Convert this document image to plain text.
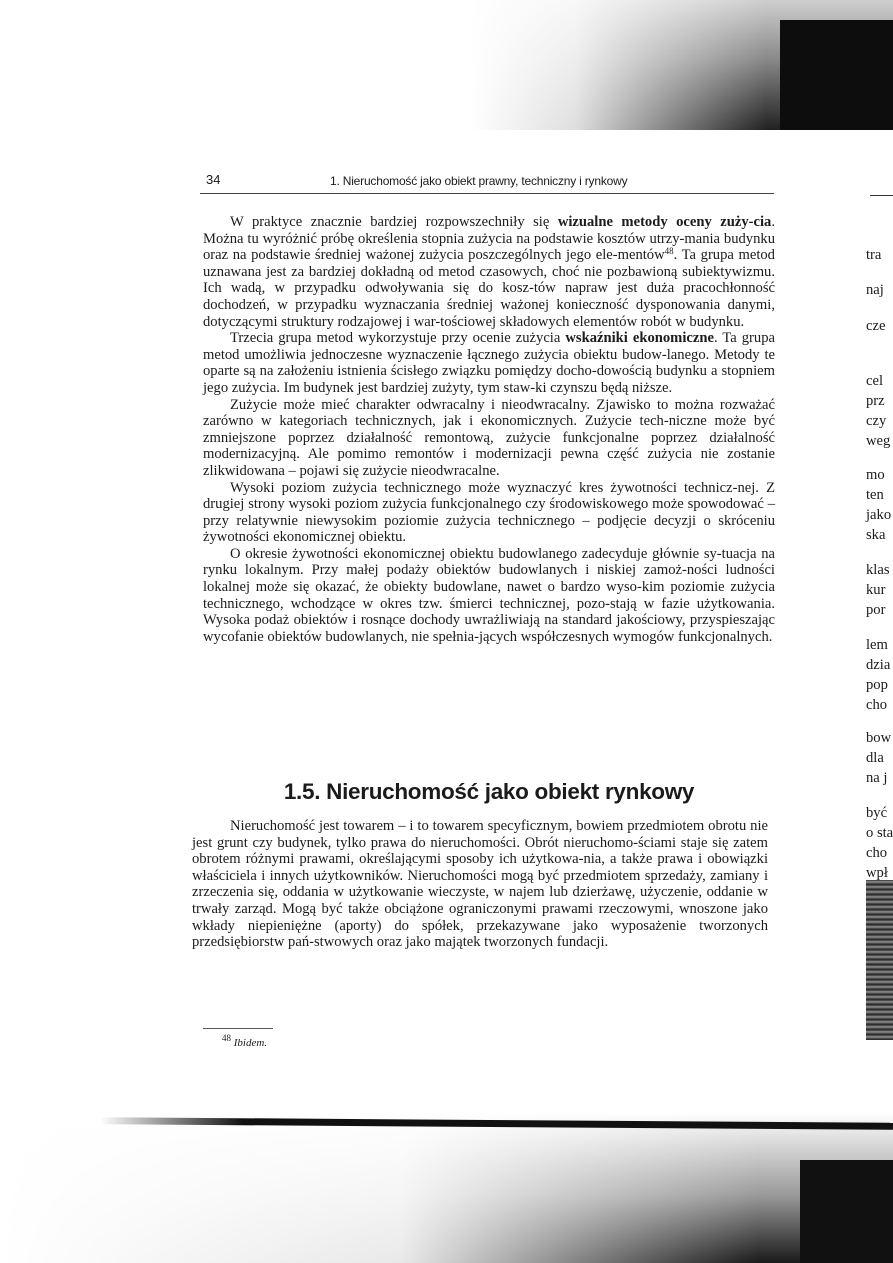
34	1. Nieruchomość jako obiekt prawny, techniczny i rynkowy

W praktyce znacznie bardziej rozpowszechniły się wizualne metody oceny zuży-cia. Można tu wyróżnić próbę określenia stopnia zużycia na podstawie kosztów utrzy-mania budynku oraz na podstawie średniej ważonej zużycia poszczególnych jego ele-mentów$^{48}$. Ta grupa metod uznawana jest za bardziej dokładną od metod czasowych, choć nie pozbawioną subiektywizmu. Ich wadą, w przypadku odwoływania się do kosz-tów napraw jest duża pracochłonność dochodzeń, w przypadku wyznaczania średniej ważonej konieczność dysponowania danymi, dotyczącymi struktury rodzajowej i war-tościowej składowych elementów robót w budynku.

Trzecia grupa metod wykorzystuje przy ocenie zużycia wskaźniki ekonomiczne. Ta grupa metod umożliwia jednoczesne wyznaczenie łącznego zużycia obiektu budow-lanego. Metody te oparte są na założeniu istnienia ścisłego związku pomiędzy docho-dowością budynku a stopniem jego zużycia. Im budynek jest bardziej zużyty, tym staw-ki czynszu będą niższe.

Zużycie może mieć charakter odwracalny i nieodwracalny. Zjawisko to można rozważać zarówno w kategoriach technicznych, jak i ekonomicznych. Zużycie tech-niczne może być zmniejszone poprzez działalność remontową, zużycie funkcjonalne poprzez działalność modernizacyjną. Ale pomimo remontów i modernizacji pewna część zużycia nie zostanie zlikwidowana – pojawi się zużycie nieodwracalne.

Wysoki poziom zużycia technicznego może wyznaczyć kres żywotności technicz-nej. Z drugiej strony wysoki poziom zużycia funkcjonalnego czy środowiskowego może spowodować – przy relatywnie niewysokim poziomie zużycia technicznego – podjęcie decyzji o skróceniu żywotności ekonomicznej obiektu.

O okresie żywotności ekonomicznej obiektu budowlanego zadecyduje głównie sy-tuacja na rynku lokalnym. Przy małej podaży obiektów budowlanych i niskiej zamoż-ności ludności lokalnej może się okazać, że obiekty budowlane, nawet o bardzo wyso-kim poziomie zużycia technicznego, wchodzące w okres tzw. śmierci technicznej, pozo-stają w fazie użytkowania. Wysoka podaż obiektów i rosnące dochody uwrażliwiają na standard jakościowy, przyspieszając wycofanie obiektów budowlanych, nie spełnia-jących współczesnych wymogów funkcjonalnych.

1.5. Nieruchomość jako obiekt rynkowy

Nieruchomość jest towarem – i to towarem specyficznym, bowiem przedmiotem obrotu nie jest grunt czy budynek, tylko prawa do nieruchomości. Obrót nieruchomo-ściami staje się zatem obrotem różnymi prawami, określającymi sposoby ich użytkowa-nia, a także prawa i obowiązki właściciela i innych użytkowników. Nieruchomości mogą być przedmiotem sprzedaży, zamiany i zrzeczenia się, oddania w użytkowanie wieczyste, w najem lub dzierżawę, użyczenie, oddanie w trwały zarząd. Mogą być także obciążone ograniczonymi prawami rzeczowymi, wnoszone jako wkłady niepieniężne (aporty) do spółek, przekazywane jako wyposażenie tworzonych przedsiębiorstw pań-stwowych oraz jako majątek tworzonych fundacji.

$^{48}$ Ibidem.
tra
naj
cze
cel
prz
czy
weg
mo
ten
jako
ska
klas
kur
por
lem
dzia
pop
cho
bow
dla
na j
być
o sta
cho
wpł
